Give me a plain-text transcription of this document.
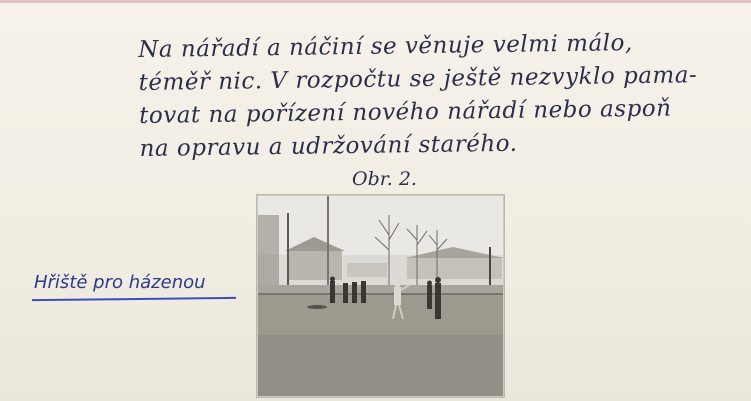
Na nářadí a náčiní se věnuje velmi málo,
téměř nic. V rozpočtu se ještě nezvyklo pama-
tovat na pořízení nového nářadí nebo aspoň
na opravu a udržování starého.
Obr. 2.
Hřiště pro házenou
